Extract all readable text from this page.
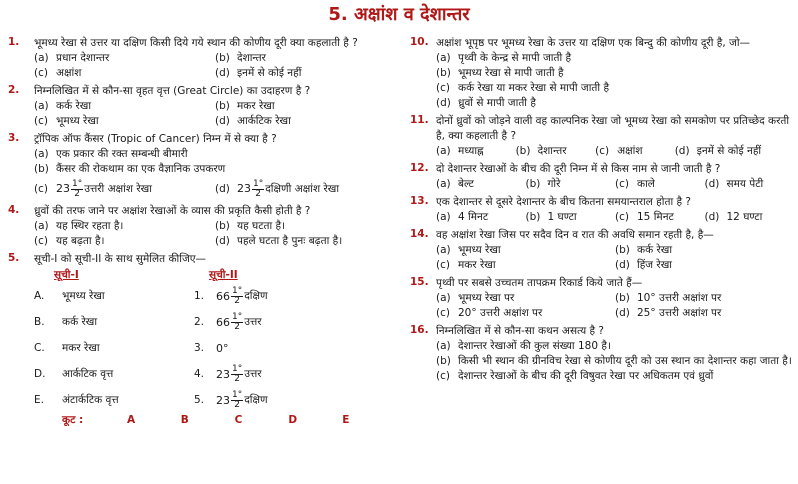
5. अक्षांश व देशान्तर
1.	भूमध्य रेखा से उत्तर या दक्षिण किसी दिये गये स्थान की कोणीय दूरी क्या कहलाती है ?
(a) प्रधान देशान्तर	(b) देशान्तर
(c) अक्षांश	(d) इनमें से कोई नहीं
2.	निम्नलिखित में से कौन-सा वृहत वृत्त (Great Circle) का उदाहरण है ?
(a) कर्क रेखा	(b) मकर रेखा
(c) भूमध्य रेखा	(d) आर्कटिक रेखा
3.	ट्रॉपिक ऑफ कैंसर (Tropic of Cancer) निम्न में से क्या है ?
(a) एक प्रकार की रक्त सम्बन्धी बीमारी
(b) कैंसर की रोकथाम का एक वैज्ञानिक उपकरण
(c) $23 \frac{1^\circ}{2}$ उत्तरी अक्षांश रेखा	(d) $23 \frac{1^\circ}{2}$ दक्षिणी अक्षांश रेखा
4.	ध्रुवों की तरफ जाने पर अक्षांश रेखाओं के व्यास की प्रकृति कैसी होती है ?
(a) यह स्थिर रहता है।	(b) यह घटता है।
(c) यह बढ़ता है।	(d) पहले घटता है पुनः बढ़ता है।
5.	सूची-I को सूची-II के साथ सुमेलित कीजिए—
सूची-I	सूची-II
A.	भूमध्य रेखा	1.	$66 \frac{1^\circ}{2}$ दक्षिण
B.	कर्क रेखा	2.	$66 \frac{1^\circ}{2}$ उत्तर
C.	मकर रेखा	3.	0°
D.	आर्कटिक वृत्त	4.	$23 \frac{1^\circ}{2}$ उत्तर
E.	अंटार्कटिक वृत्त	5.	$23 \frac{1^\circ}{2}$ दक्षिण
कूट :	A	B	C	D	E
10. अक्षांश भूपृष्ठ पर भूमध्य रेखा के उत्तर या दक्षिण एक बिन्दु की कोणीय दूरी है, जो—
(a) पृथ्वी के केन्द्र से मापी जाती है
(b) भूमध्य रेखा से मापी जाती है
(c) कर्क रेखा या मकर रेखा से मापी जाती है
(d) ध्रुवों से मापी जाती है
11. दोनों ध्रुवों को जोड़ने वाली वह काल्पनिक रेखा जो भूमध्य रेखा को समकोण पर प्रतिच्छेद करती है, क्या कहलाती है ?
(a) मध्याह्न	(b) देशान्तर	(c) अक्षांश	(d) इनमें से कोई नहीं
12. दो देशान्तर रेखाओं के बीच की दूरी निम्न में से किस नाम से जानी जाती है ?
(a) बेल्ट	(b) गोरे	(c) काले	(d) समय पेटी
13. एक देशान्तर से दूसरे देशान्तर के बीच कितना समयान्तराल होता है ?
(a) 4 मिनट	(b) 1 घण्टा	(c) 15 मिनट	(d) 12 घण्टा
14. वह अक्षांश रेखा जिस पर सदैव दिन व रात की अवधि समान रहती है, है—
(a) भूमध्य रेखा	(b) कर्क रेखा
(c) मकर रेखा	(d) हिंज रेखा
15. पृथ्वी पर सबसे उच्चतम तापक्रम रिकार्ड किये जाते हैं—
(a) भूमध्य रेखा पर	(b) 10° उत्तरी अक्षांश पर
(c) 20° उत्तरी अक्षांश पर	(d) 25° उत्तरी अक्षांश पर
16. निम्नलिखित में से कौन-सा कथन असत्य है ?
(a) देशान्तर रेखाओं की कुल संख्या 180 है।
(b) किसी भी स्थान की ग्रीनविच रेखा से कोणीय दूरी को उस स्थान का देशान्तर कहा जाता है।
(c) देशान्तर रेखाओं के बीच की दूरी विषुवत रेखा पर अधिकतम एवं ध्रुवों
